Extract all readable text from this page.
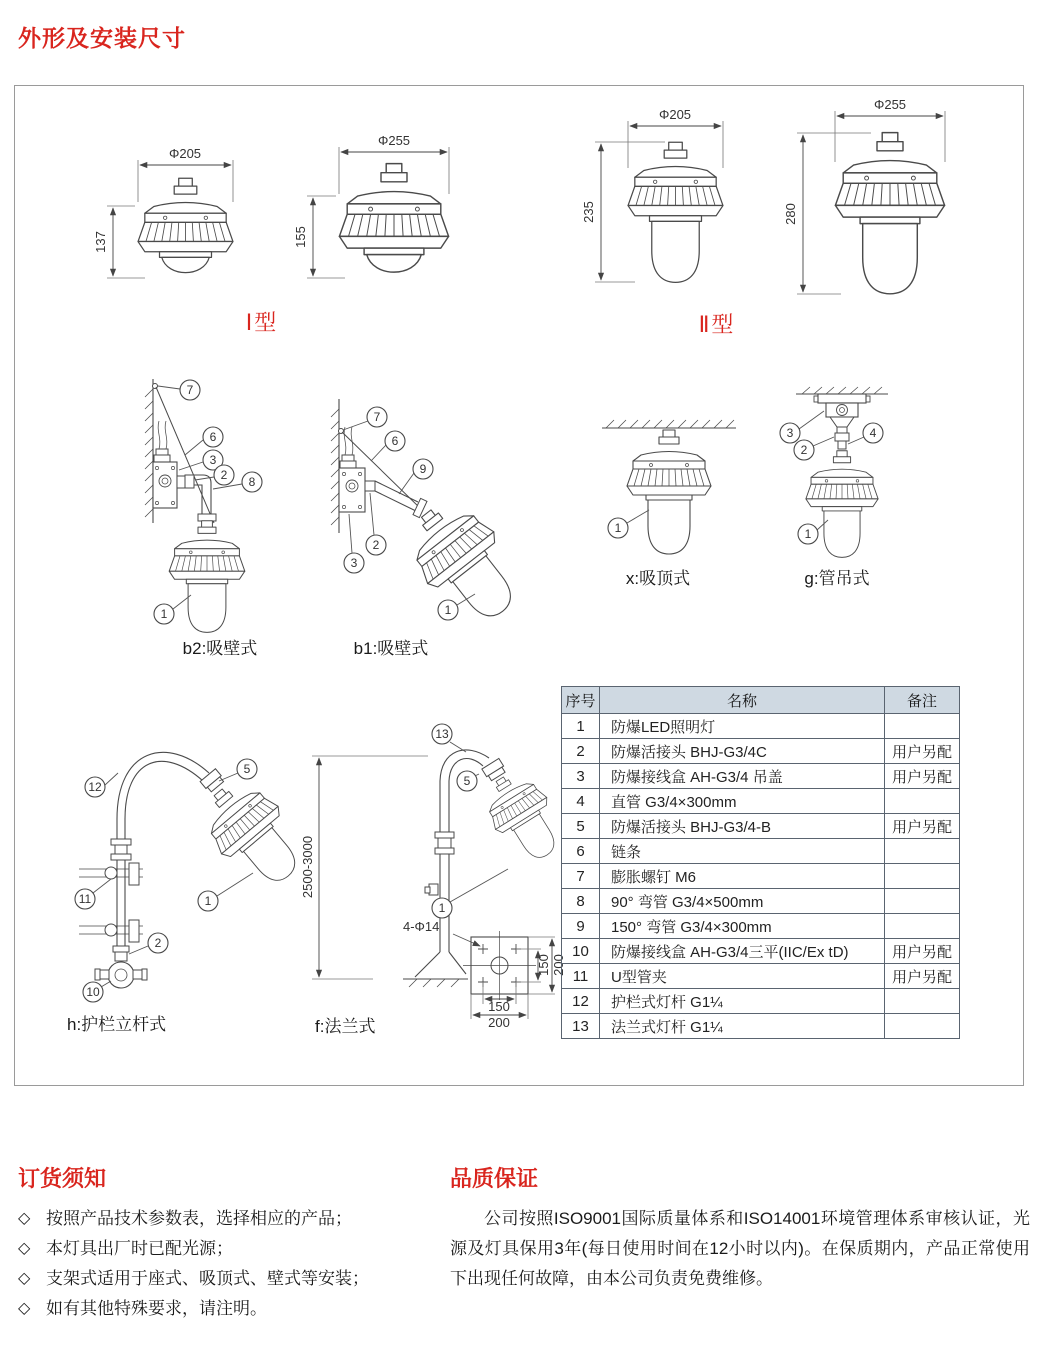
外形及安装尺寸
Φ205
137
Φ255
155
Φ205
235
Φ255
280
Ⅰ型	Ⅱ型
7
6
3
2 8
1
7
6
9
2
3
1
1
3
2
4
1
b2:吸壁式	b1:吸壁式
x:吸顶式	g:管吊式
12
5
1
11
2
10
2500-3000
13
5
1
4-Φ14
150 200
150
200
h:护栏立杆式	f:法兰式
序号	名称	备注
1	防爆LED照明灯	
2	防爆活接头 BHJ-G3/4C	用户另配
3	防爆接线盒 AH-G3/4 吊盖	用户另配
4	直管 G3/4×300mm	
5	防爆活接头 BHJ-G3/4-B	用户另配
6	链条	
7	膨胀螺钉 M6	
8	90° 弯管 G3/4×500mm	
9	150° 弯管 G3/4×300mm	
10	防爆接线盒 AH-G3/4三平(IIC/Ex tD)	用户另配
11	U型管夹	用户另配
12	护栏式灯杆 G1¼	
13	法兰式灯杆 G1¼	
订货须知
◇ 按照产品技术参数表，选择相应的产品；
◇ 本灯具出厂时已配光源；
◇ 支架式适用于座式、吸顶式、壁式等安装；
◇ 如有其他特殊要求，请注明。
品质保证
公司按照ISO9001国际质量体系和ISO14001环境管理体系审核认证，光源及灯具保用3年(每日使用时间在12小时以内)。在保质期内，产品正常使用下出现任何故障，由本公司负责免费维修。
